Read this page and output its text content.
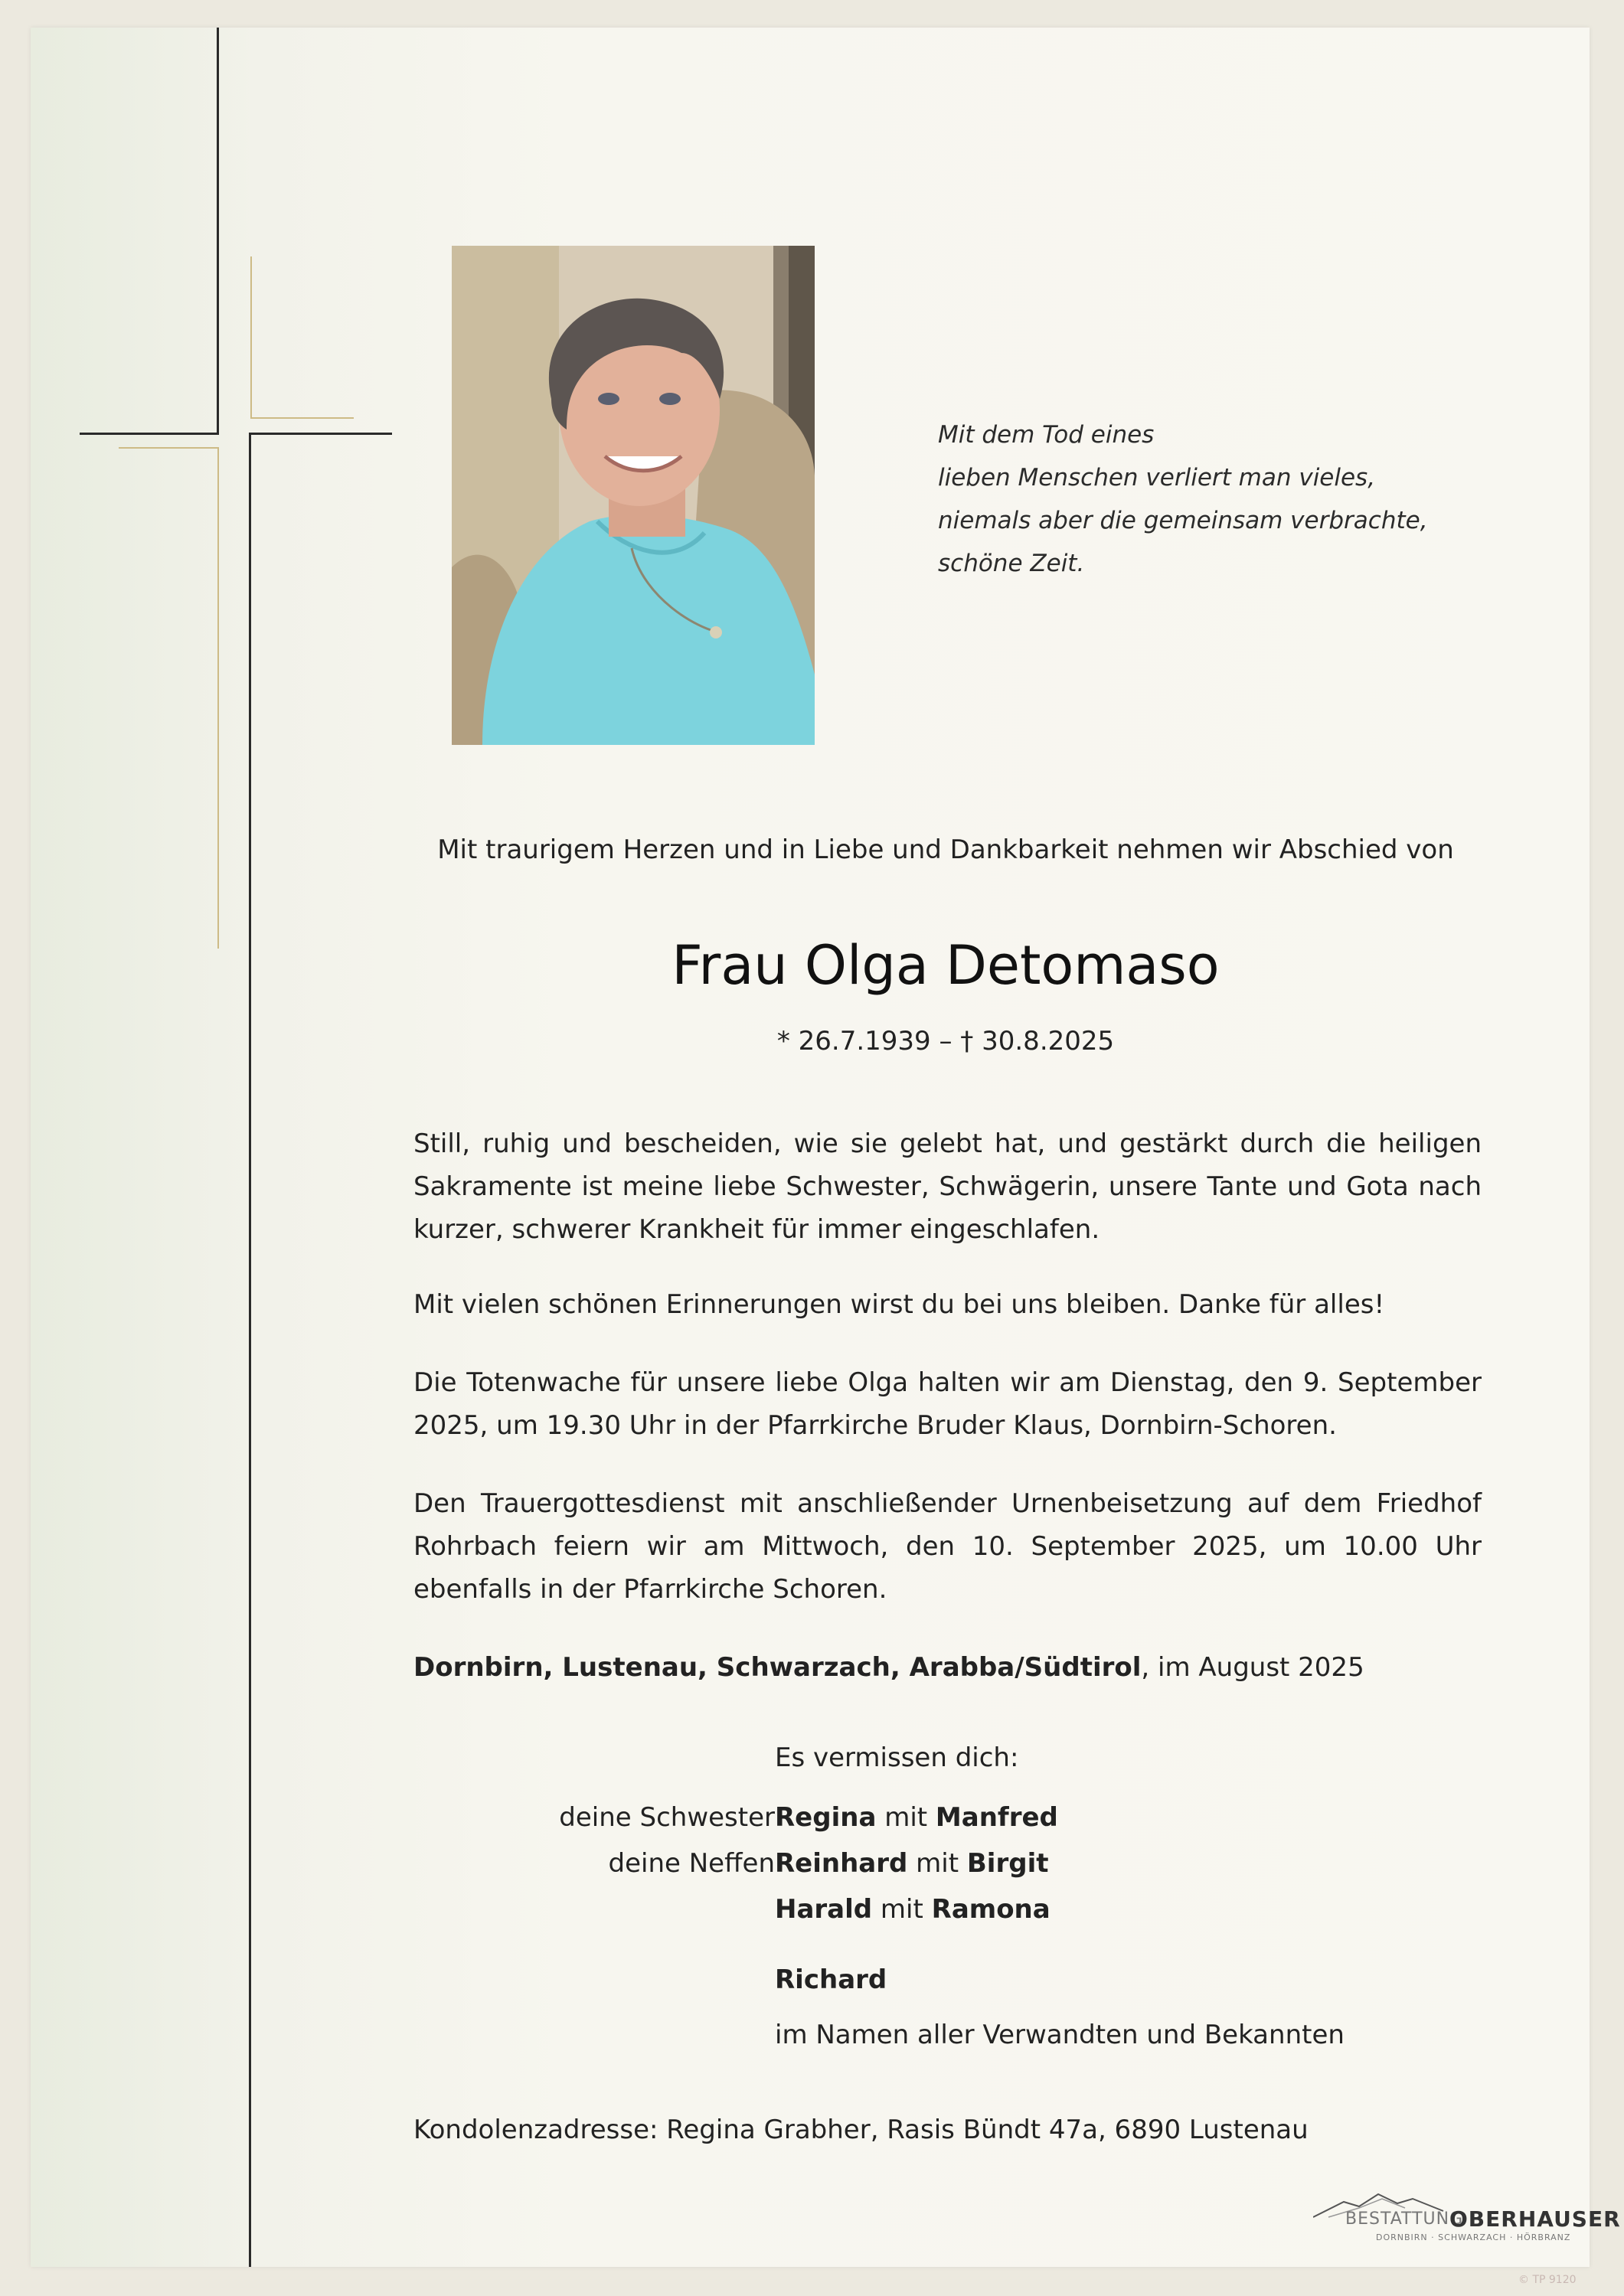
Mit dem Tod eines
lieben Menschen verliert man vieles,
niemals aber die gemeinsam verbrachte,
schöne Zeit.
Mit traurigem Herzen und in Liebe und Dankbarkeit nehmen wir Abschied von
Frau Olga Detomaso
* 26.7.1939 – † 30.8.2025

Still, ruhig und bescheiden, wie sie gelebt hat, und gestärkt durch die heiligen Sakramente ist meine liebe Schwester, Schwägerin, unsere Tante und Gota nach kurzer, schwerer Krankheit für immer eingeschlafen.

Mit vielen schönen Erinnerungen wirst du bei uns bleiben. Danke für alles!

Die Totenwache für unsere liebe Olga halten wir am Dienstag, den 9. September 2025, um 19.30 Uhr in der Pfarrkirche Bruder Klaus, Dornbirn-Schoren.

Den Trauergottesdienst mit anschließender Urnenbeisetzung auf dem Friedhof Rohrbach feiern wir am Mittwoch, den 10. September 2025, um 10.00 Uhr ebenfalls in der Pfarrkirche Schoren.

Dornbirn, Lustenau, Schwarzach, Arabba/Südtirol, im August 2025

Es vermissen dich:
deine Schwester Regina mit Manfred
deine Neffen Reinhard mit Birgit
Harald mit Ramona
Richard
im Namen aller Verwandten und Bekannten
Kondolenzadresse: Regina Grabher, Rasis Bündt 47a, 6890 Lustenau
BESTATTUNG
OBERHAUSER
DORNBIRN · SCHWARZACH · HÖRBRANZ
© TP 9120
